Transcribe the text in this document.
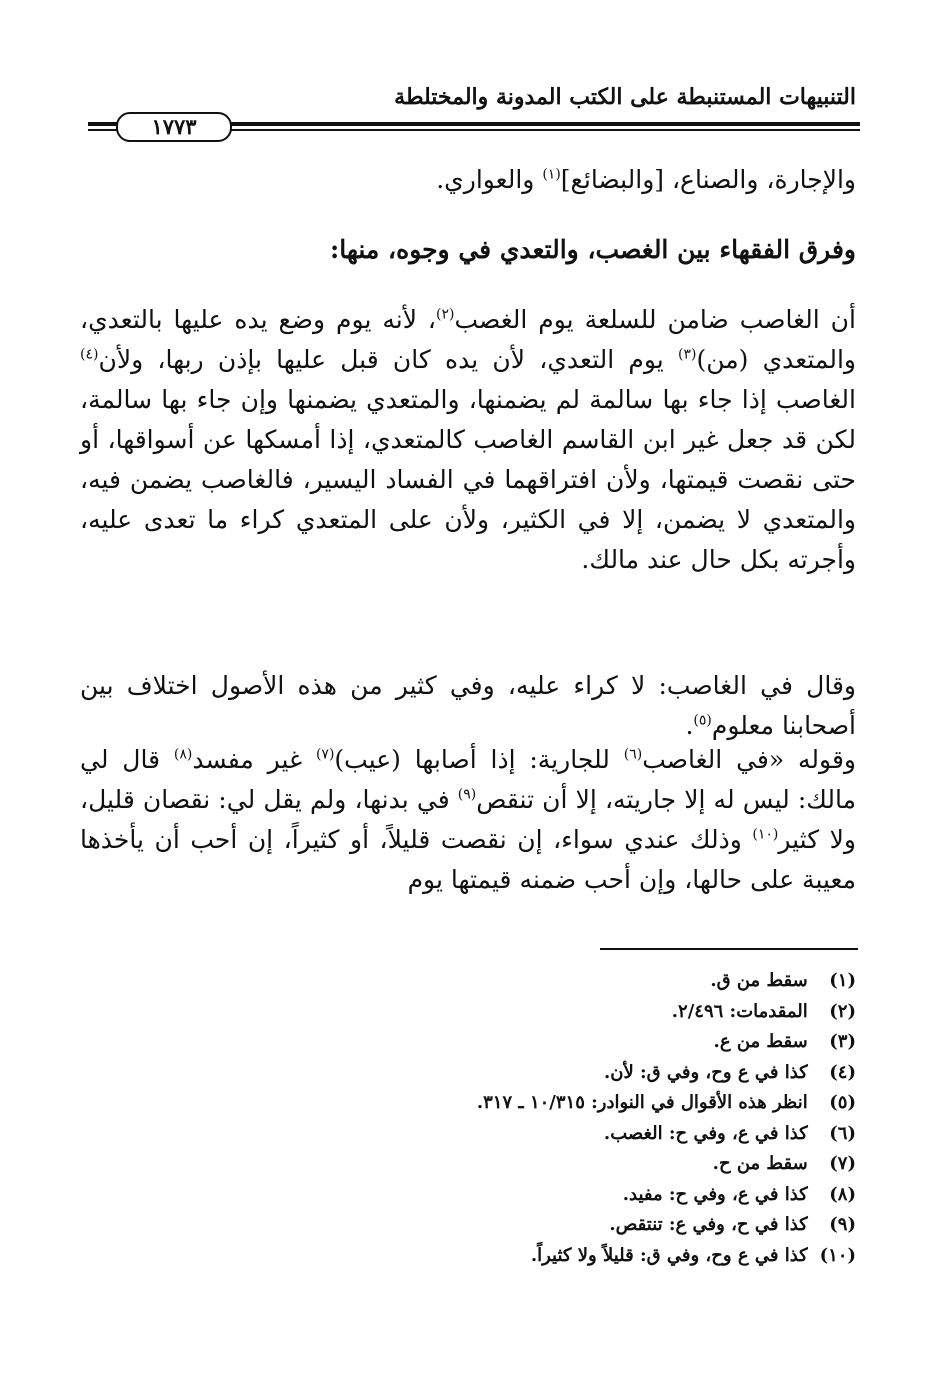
التنبيهات المستنبطة على الكتب المدونة والمختلطة
١٧٧٣
والإجارة، والصناع، [والبضائع]$^{(١)}$ والعواري.
وفرق الفقهاء بين الغصب، والتعدي في وجوه، منها:
أن الغاصب ضامن للسلعة يوم الغصب$^{(٢)}$، لأنه يوم وضع يده عليها بالتعدي، والمتعدي (من)$^{(٣)}$ يوم التعدي، لأن يده كان قبل عليها بإذن ربها، ولأن$^{(٤)}$ الغاصب إذا جاء بها سالمة لم يضمنها، والمتعدي يضمنها وإن جاء بها سالمة، لكن قد جعل غير ابن القاسم الغاصب كالمتعدي، إذا أمسكها عن أسواقها، أو حتى نقصت قيمتها، ولأن افتراقهما في الفساد اليسير، فالغاصب يضمن فيه، والمتعدي لا يضمن، إلا في الكثير، ولأن على المتعدي كراء ما تعدى عليه، وأجرته بكل حال عند مالك.
وقال في الغاصب: لا كراء عليه، وفي كثير من هذه الأصول اختلاف بين أصحابنا معلوم$^{(٥)}$.
وقوله «في الغاصب$^{(٦)}$ للجارية: إذا أصابها (عيب)$^{(٧)}$ غير مفسد$^{(٨)}$ قال لي مالك: ليس له إلا جاريته، إلا أن تنقص$^{(٩)}$ في بدنها، ولم يقل لي: نقصان قليل، ولا كثير$^{(١٠)}$ وذلك عندي سواء، إن نقصت قليلاً، أو كثيراً، إن أحب أن يأخذها معيبة على حالها، وإن أحب ضمنه قيمتها يوم
(١) سقط من ق.
(٢) المقدمات: ٢/٤٩٦.
(٣) سقط من ع.
(٤) كذا في ع وح، وفي ق: لأن.
(٥) انظر هذه الأقوال في النوادر: ١٠/٣١٥ ـ ٣١٧.
(٦) كذا في ع، وفي ح: الغصب.
(٧) سقط من ح.
(٨) كذا في ع، وفي ح: مفيد.
(٩) كذا في ح، وفي ع: تنتقص.
(١٠) كذا في ع وح، وفي ق: قليلاً ولا كثيراً.
